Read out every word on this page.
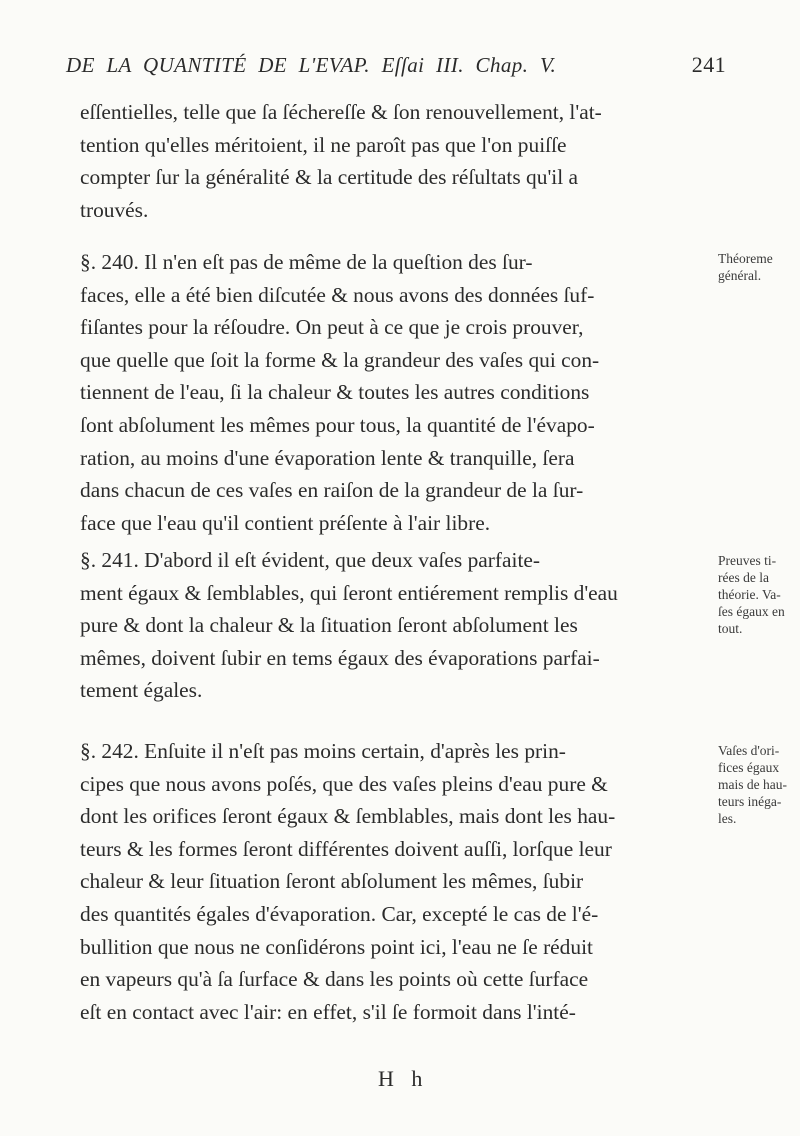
DE LA QUANTITÉ DE L'EVAP. Eſſai III. Chap. V.	241
eſſentielles, telle que ſa ſéchereſſe & ſon renouvellement, l'at-
tention qu'elles méritoient, il ne paroît pas que l'on puiſſe
compter ſur la généralité & la certitude des réſultats qu'il a
trouvés.
§. 240. Il n'en eſt pas de même de la queſtion des ſur-
faces, elle a été bien diſcutée & nous avons des données ſuf-
fiſantes pour la réſoudre. On peut à ce que je crois prouver,
que quelle que ſoit la forme & la grandeur des vaſes qui con-
tiennent de l'eau, ſi la chaleur & toutes les autres conditions
ſont abſolument les mêmes pour tous, la quantité de l'évapo-
ration, au moins d'une évaporation lente & tranquille, ſera
dans chacun de ces vaſes en raiſon de la grandeur de la ſur-
face que l'eau qu'il contient préſente à l'air libre.
§. 241. D'abord il eſt évident, que deux vaſes parfaite-
ment égaux & ſemblables, qui ſeront entiérement remplis d'eau
pure & dont la chaleur & la ſituation ſeront abſolument les
mêmes, doivent ſubir en tems égaux des évaporations parfai-
tement égales.
§. 242. Enſuite il n'eſt pas moins certain, d'après les prin-
cipes que nous avons poſés, que des vaſes pleins d'eau pure &
dont les orifices ſeront égaux & ſemblables, mais dont les hau-
teurs & les formes ſeront différentes doivent auſſi, lorſque leur
chaleur & leur ſituation ſeront abſolument les mêmes, ſubir
des quantités égales d'évaporation. Car, excepté le cas de l'é-
bullition que nous ne conſidérons point ici, l'eau ne ſe réduit
en vapeurs qu'à ſa ſurface & dans les points où cette ſurface
eſt en contact avec l'air: en effet, s'il ſe formoit dans l'inté-
Théoreme
général.
Preuves ti-
rées de la
théorie. Va-
ſes égaux en
tout.
Vaſes d'ori-
fices égaux
mais de hau-
teurs inéga-
les.
H h
